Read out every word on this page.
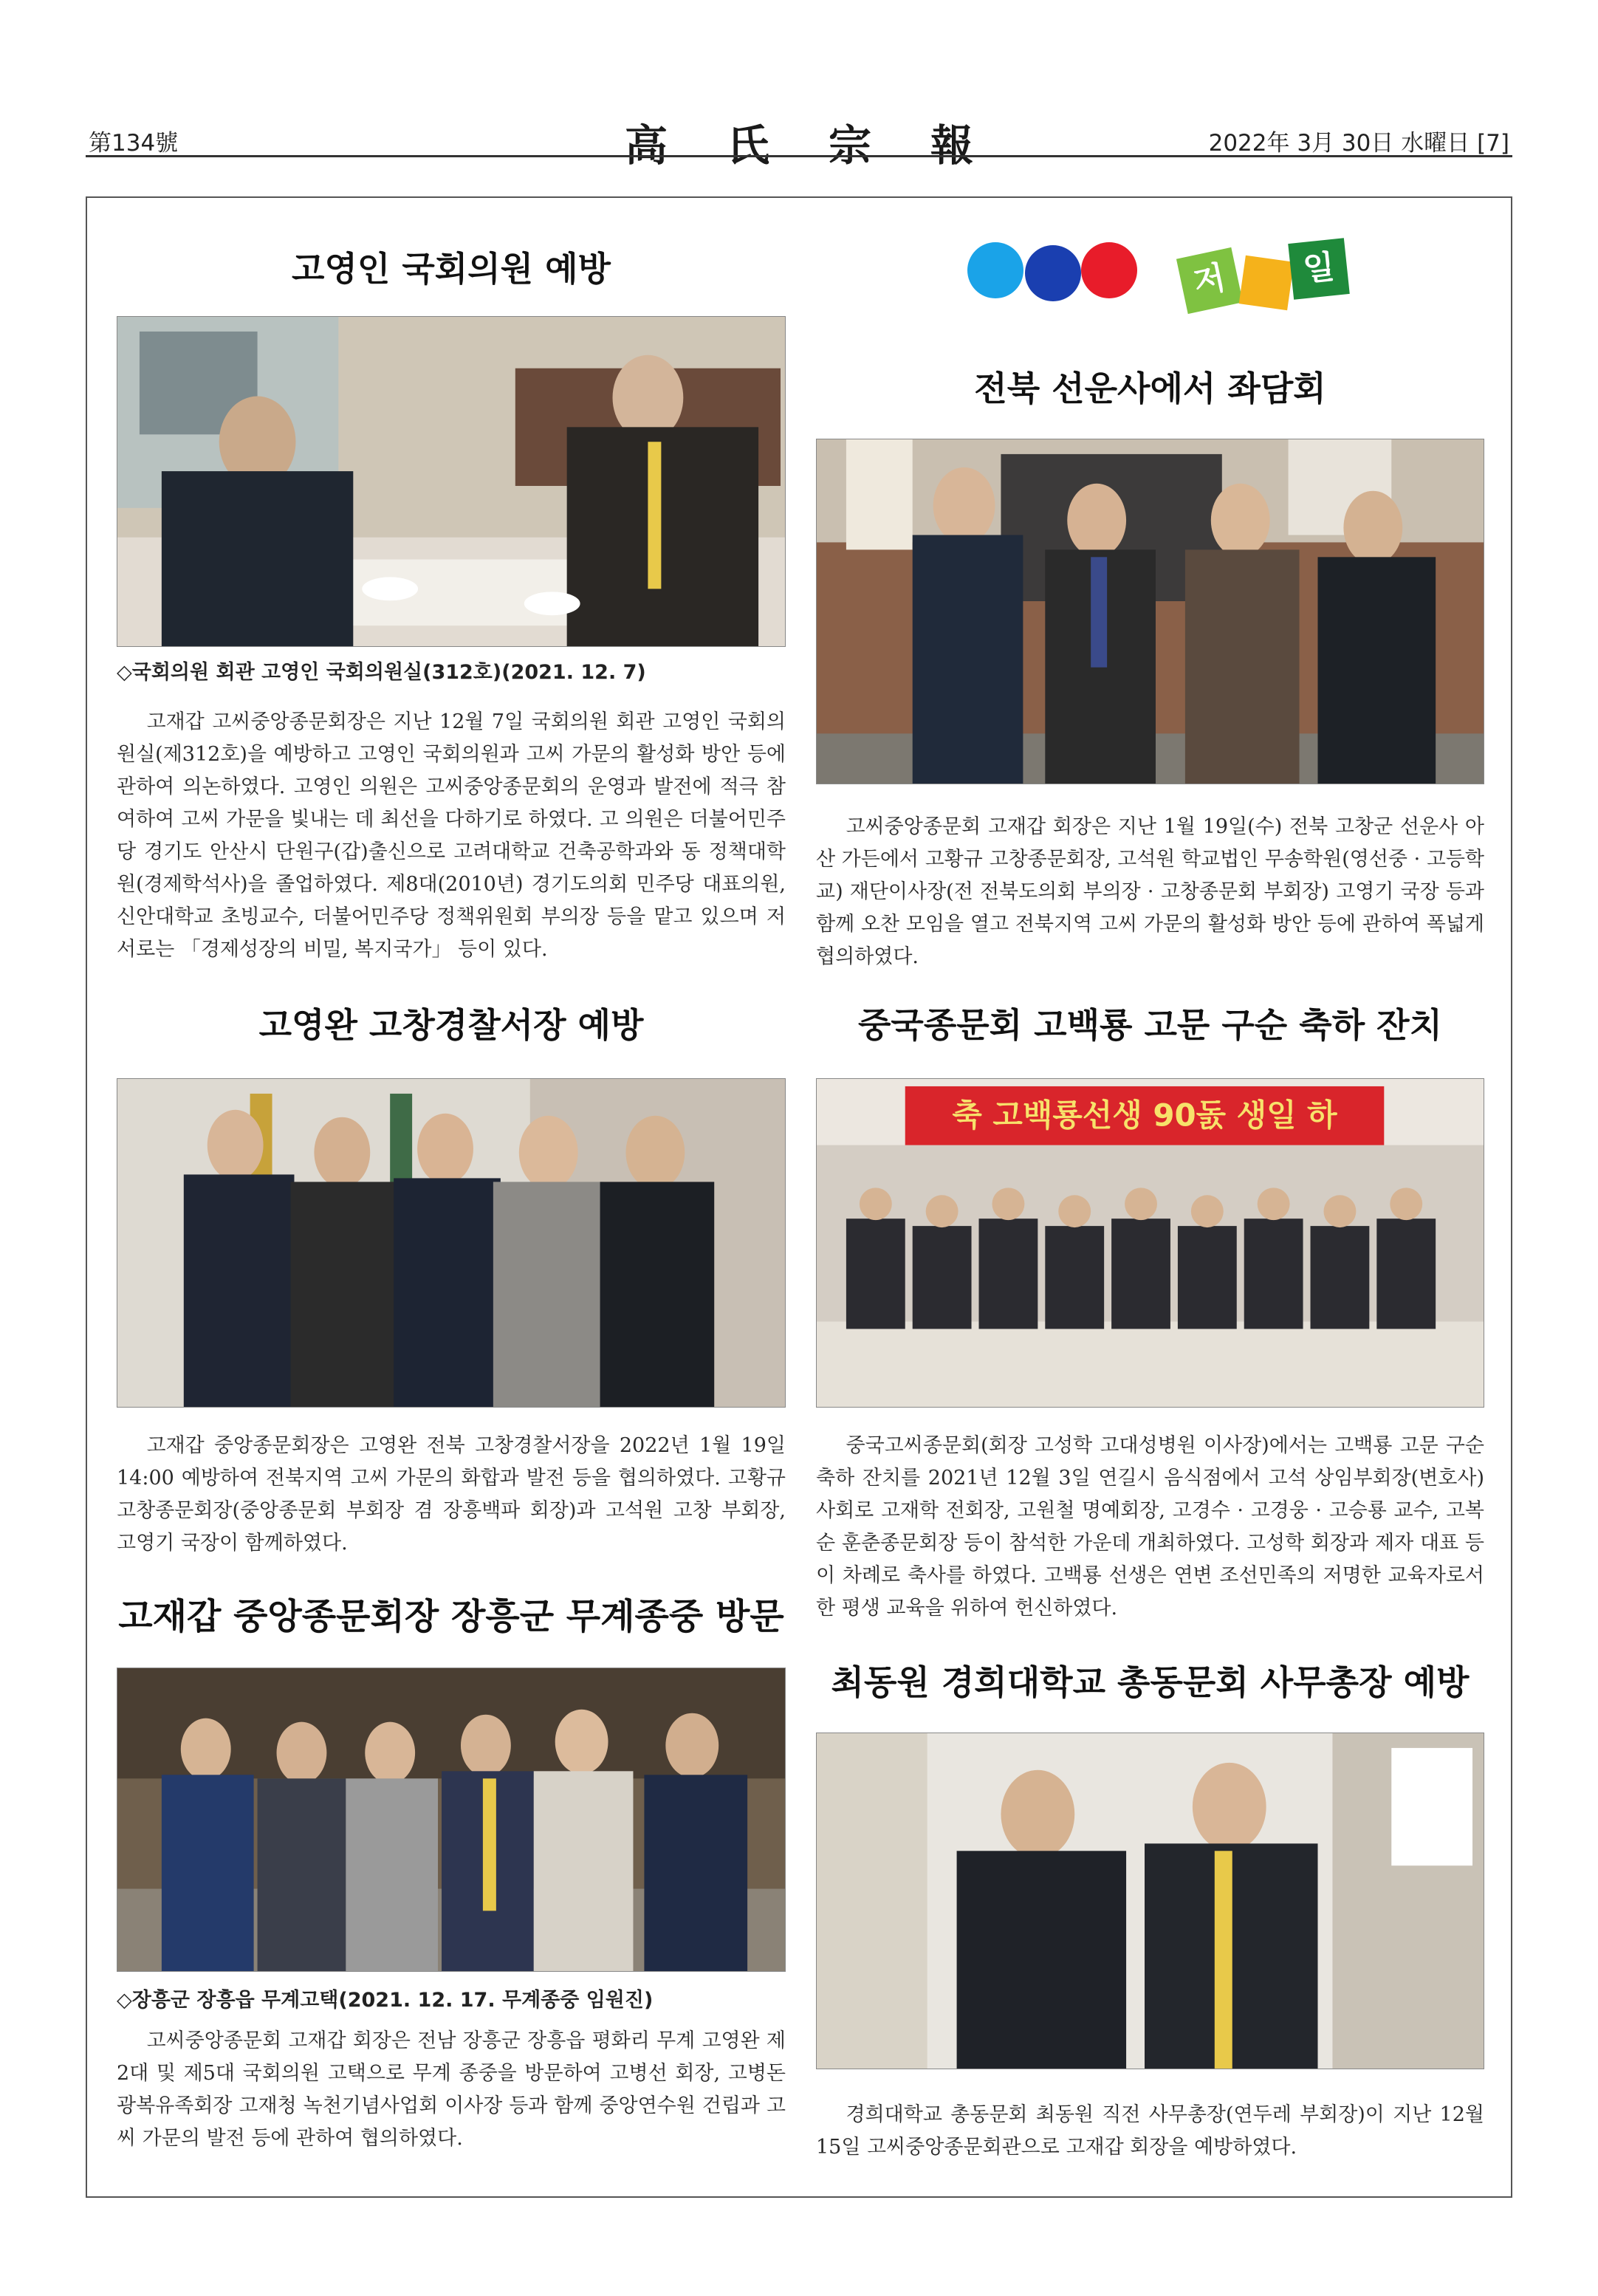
第134號	高氏宗報	2022年 3月 30日 水曜日 [7]
고영인 국회의원 예방
◇국회의원 회관 고영인 국회의원실(312호)(2021. 12. 7)
고재갑 고씨중앙종문회장은 지난 12월 7일 국회의원 회관 고영인 국회의원실(제312호)을 예방하고 고영인 국회의원과 고씨 가문의 활성화 방안 등에 관하여 의논하였다. 고영인 의원은 고씨중앙종문회의 운영과 발전에 적극 참여하여 고씨 가문을 빛내는 데 최선을 다하기로 하였다. 고 의원은 더불어민주당 경기도 안산시 단원구(갑)출신으로 고려대학교 건축공학과와 동 정책대학원(경제학석사)을 졸업하였다. 제8대(2010년) 경기도의회 민주당 대표의원, 신안대학교 초빙교수, 더불어민주당 정책위원회 부의장 등을 맡고 있으며 저서로는 「경제성장의 비밀, 복지국가」 등이 있다.
저	일
전북 선운사에서 좌담회
고씨중앙종문회 고재갑 회장은 지난 1월 19일(수) 전북 고창군 선운사 아산 가든에서 고황규 고창종문회장, 고석원 학교법인 무송학원(영선중 · 고등학교) 재단이사장(전 전북도의회 부의장 · 고창종문회 부회장) 고영기 국장 등과 함께 오찬 모임을 열고 전북지역 고씨 가문의 활성화 방안 등에 관하여 폭넓게 협의하였다.
고영완 고창경찰서장 예방
고재갑 중앙종문회장은 고영완 전북 고창경찰서장을 2022년 1월 19일 14:00 예방하여 전북지역 고씨 가문의 화합과 발전 등을 협의하였다. 고황규 고창종문회장(중앙종문회 부회장 겸 장흥백파 회장)과 고석원 고창 부회장, 고영기 국장이 함께하였다.
중국종문회 고백룡 고문 구순 축하 잔치
축 고백룡선생 90돐 생일 하
중국고씨종문회(회장 고성학 고대성병원 이사장)에서는 고백룡 고문 구순 축하 잔치를 2021년 12월 3일 연길시 음식점에서 고석 상임부회장(변호사) 사회로 고재학 전회장, 고원철 명예회장, 고경수 · 고경웅 · 고승룡 교수, 고복순 훈춘종문회장 등이 참석한 가운데 개최하였다. 고성학 회장과 제자 대표 등이 차례로 축사를 하였다. 고백룡 선생은 연변 조선민족의 저명한 교육자로서 한 평생 교육을 위하여 헌신하였다.
고재갑 중앙종문회장 장흥군 무계종중 방문
◇장흥군 장흥읍 무계고택(2021. 12. 17. 무계종중 임원진)
고씨중앙종문회 고재갑 회장은 전남 장흥군 장흥읍 평화리 무계 고영완 제2대 및 제5대 국회의원 고택으로 무계 종중을 방문하여 고병선 회장, 고병돈 광복유족회장 고재청 녹천기념사업회 이사장 등과 함께 중앙연수원 건립과 고씨 가문의 발전 등에 관하여 협의하였다.
최동원 경희대학교 총동문회 사무총장 예방
경희대학교 총동문회 최동원 직전 사무총장(연두레 부회장)이 지난 12월 15일 고씨중앙종문회관으로 고재갑 회장을 예방하였다.
